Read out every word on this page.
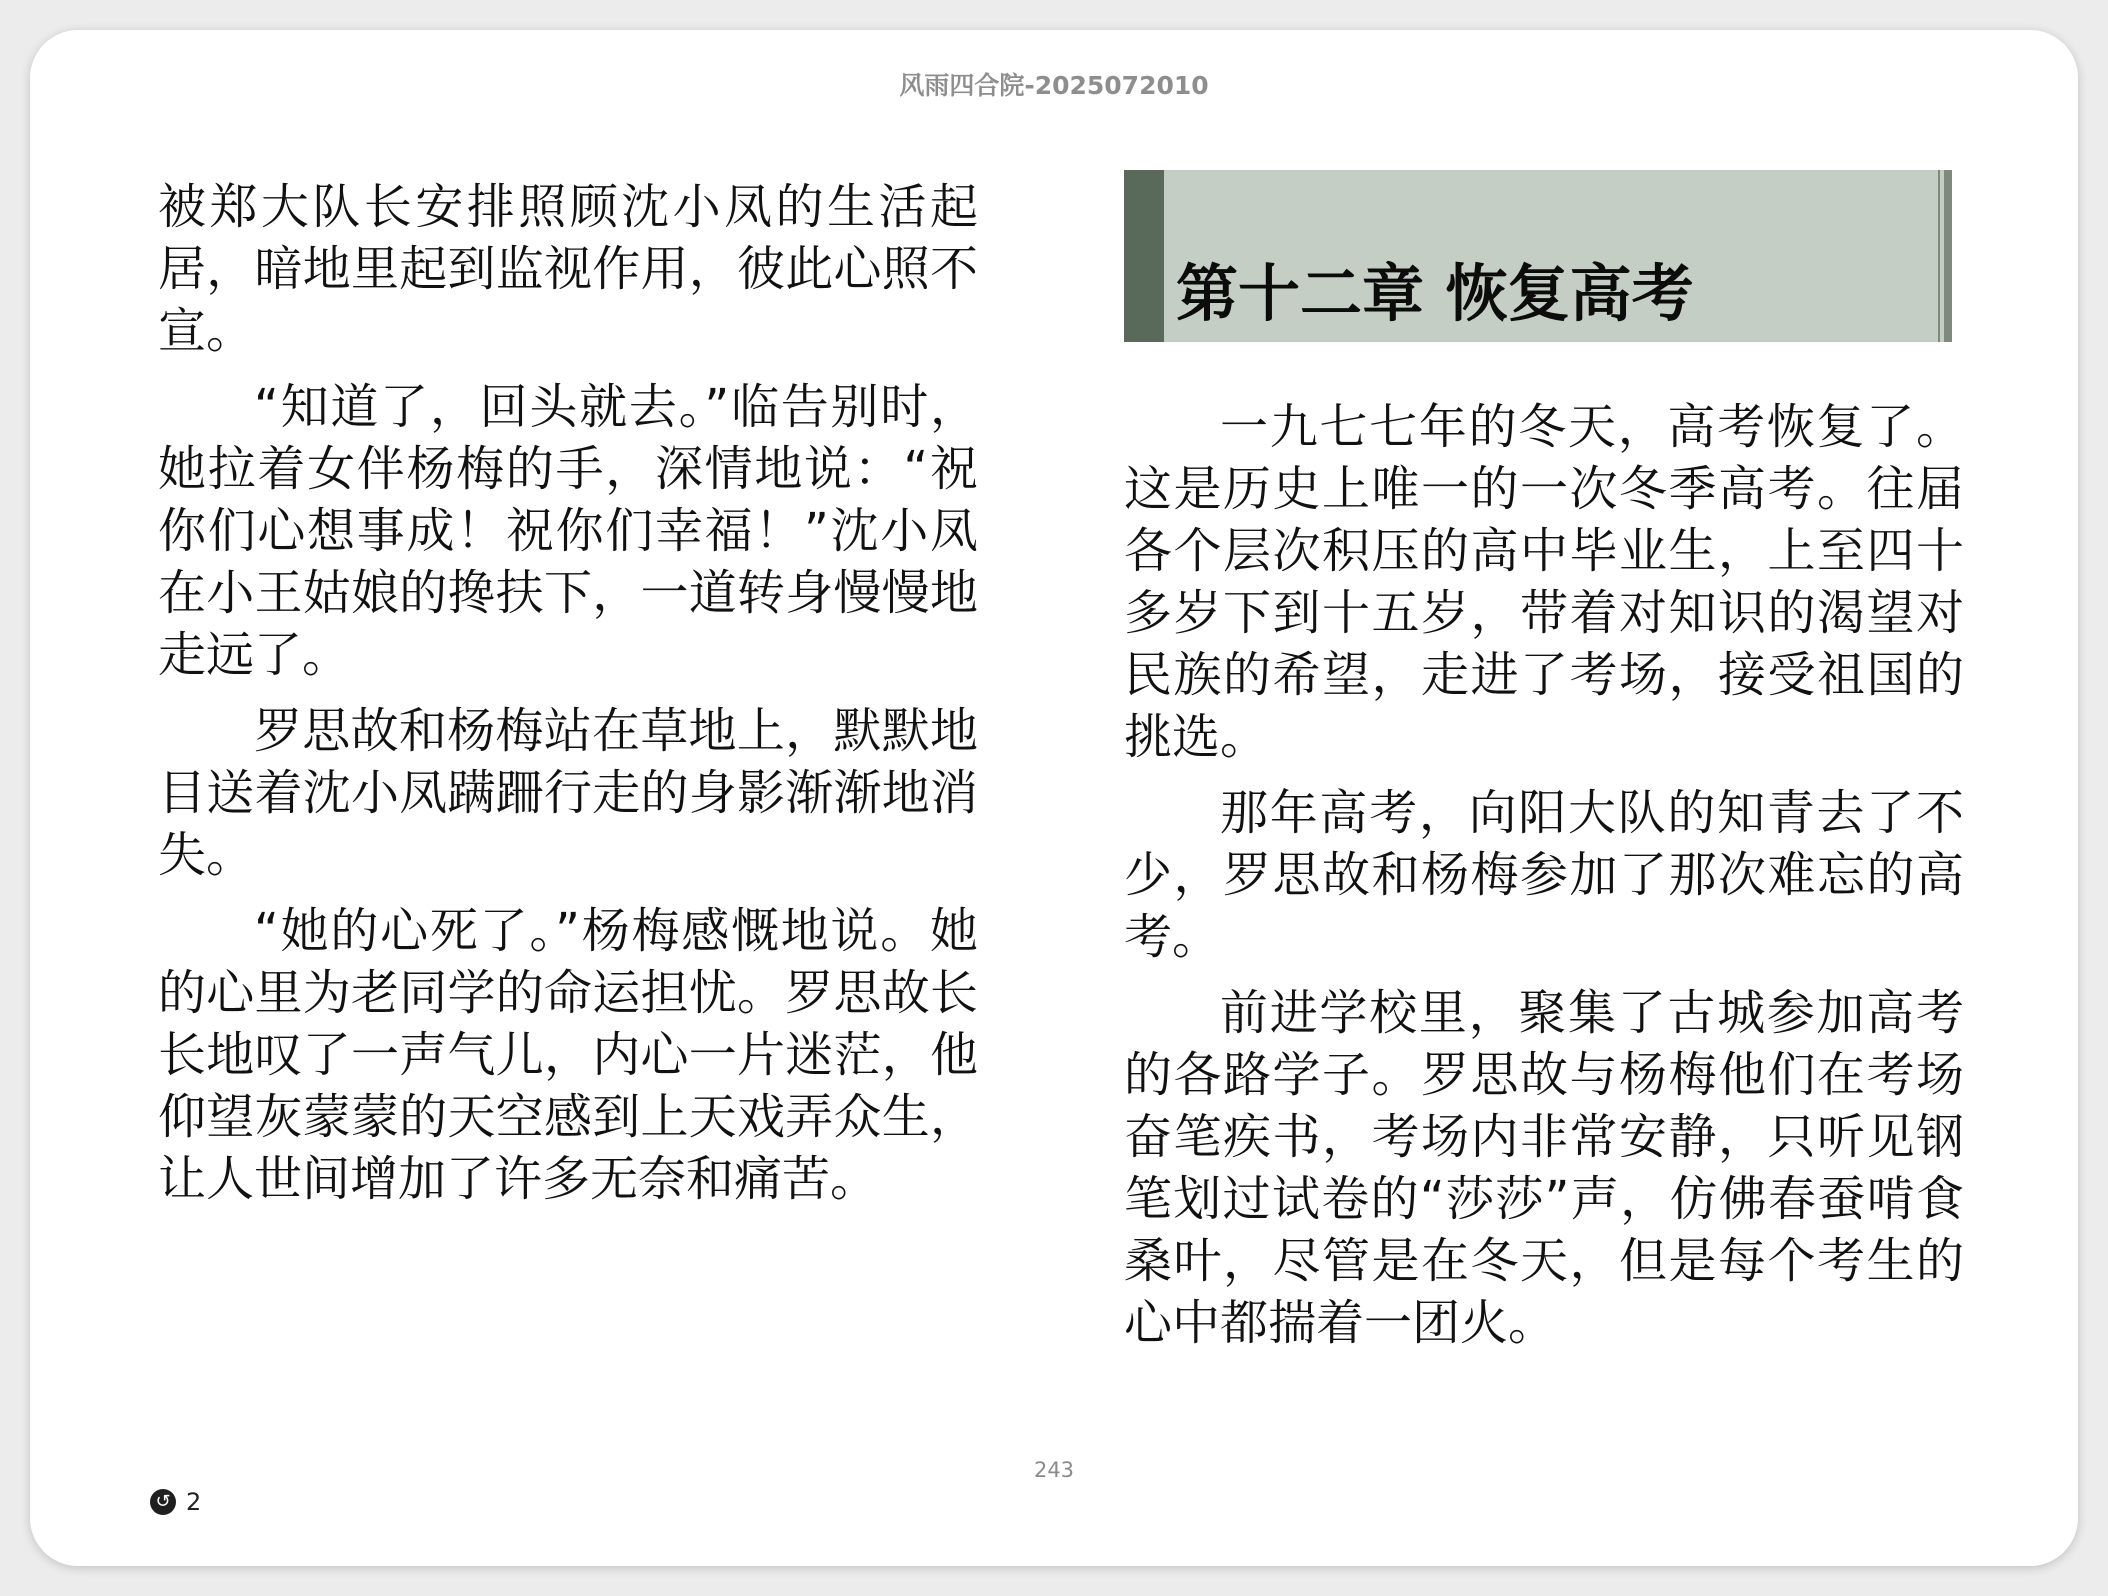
风雨四合院-2025072010

被郑大队长安排照顾沈小凤的生活起居，暗地里起到监视作用，彼此心照不宣。

“知道了，回头就去。”临告别时，她拉着女伴杨梅的手，深情地说：“祝你们心想事成！祝你们幸福！”沈小凤在小王姑娘的搀扶下，一道转身慢慢地走远了。

罗思故和杨梅站在草地上，默默地目送着沈小凤蹒跚行走的身影渐渐地消失。

“她的心死了。”杨梅感慨地说。她的心里为老同学的命运担忧。罗思故长长地叹了一声气儿，内心一片迷茫，他仰望灰蒙蒙的天空感到上天戏弄众生，让人世间增加了许多无奈和痛苦。

第十二章 恢复高考

一九七七年的冬天，高考恢复了。这是历史上唯一的一次冬季高考。往届各个层次积压的高中毕业生，上至四十多岁下到十五岁，带着对知识的渴望对民族的希望，走进了考场，接受祖国的挑选。

那年高考，向阳大队的知青去了不少，罗思故和杨梅参加了那次难忘的高考。

前进学校里，聚集了古城参加高考的各路学子。罗思故与杨梅他们在考场奋笔疾书，考场内非常安静，只听见钢笔划过试卷的“莎莎”声，仿佛春蚕啃食桑叶，尽管是在冬天，但是每个考生的心中都揣着一团火。

243
↺ 2
